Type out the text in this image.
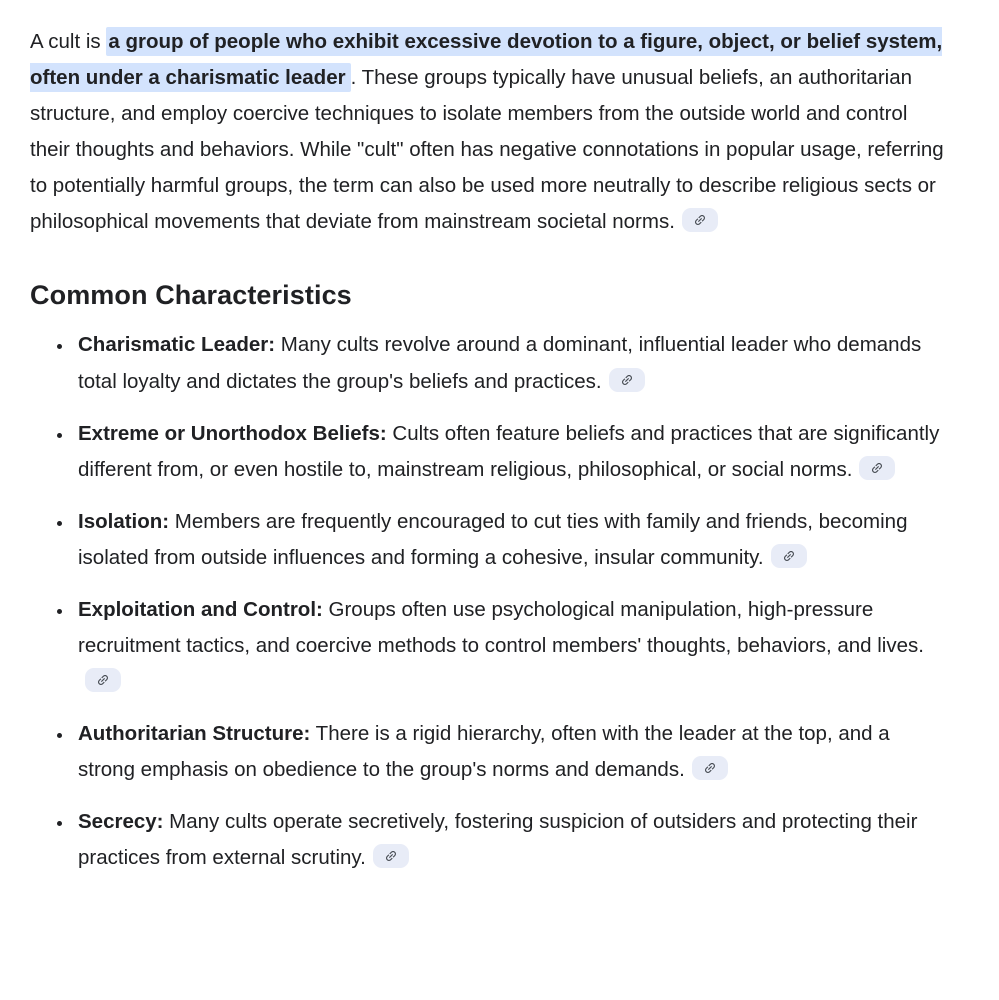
A cult is a group of people who exhibit excessive devotion to a figure, object, or belief system, often under a charismatic leader . These groups typically have unusual beliefs, an authoritarian structure, and employ coercive techniques to isolate members from the outside world and control their thoughts and behaviors. While "cult" often has negative connotations in popular usage, referring to potentially harmful groups, the term can also be used more neutrally to describe religious sects or philosophical movements that deviate from mainstream societal norms.

Common Characteristics
• Charismatic Leader: Many cults revolve around a dominant, influential leader who demands total loyalty and dictates the group's beliefs and practices.
• Extreme or Unorthodox Beliefs: Cults often feature beliefs and practices that are significantly different from, or even hostile to, mainstream religious, philosophical, or social norms.
• Isolation: Members are frequently encouraged to cut ties with family and friends, becoming isolated from outside influences and forming a cohesive, insular community.
• Exploitation and Control: Groups often use psychological manipulation, high-pressure recruitment tactics, and coercive methods to control members' thoughts, behaviors, and lives.
• Authoritarian Structure: There is a rigid hierarchy, often with the leader at the top, and a strong emphasis on obedience to the group's norms and demands.
• Secrecy: Many cults operate secretively, fostering suspicion of outsiders and protecting their practices from external scrutiny.
